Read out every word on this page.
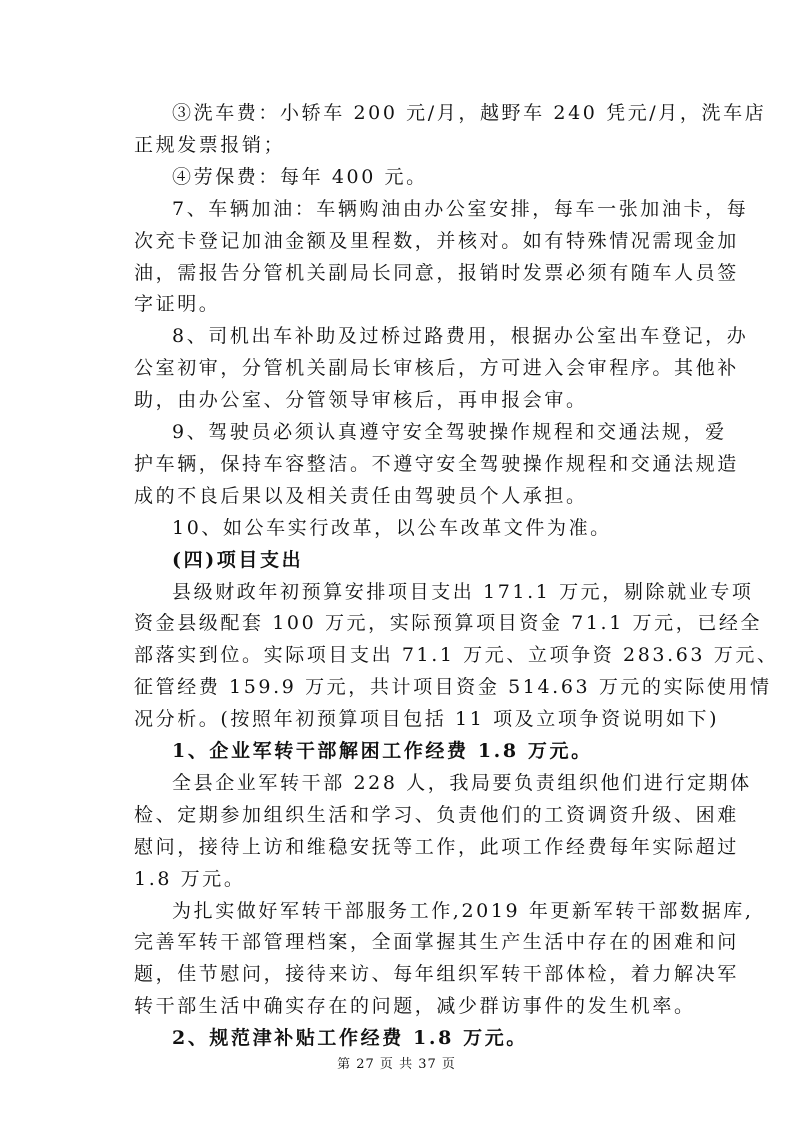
③洗车费：小轿车 200 元/月，越野车 240 凭元/月，洗车店
正规发票报销；
④劳保费：每年 400 元。
7、车辆加油：车辆购油由办公室安排，每车一张加油卡，每
次充卡登记加油金额及里程数，并核对。如有特殊情况需现金加
油，需报告分管机关副局长同意，报销时发票必须有随车人员签
字证明。
8、司机出车补助及过桥过路费用，根据办公室出车登记，办
公室初审，分管机关副局长审核后，方可进入会审程序。其他补
助，由办公室、分管领导审核后，再申报会审。
9、驾驶员必须认真遵守安全驾驶操作规程和交通法规，爱
护车辆，保持车容整洁。不遵守安全驾驶操作规程和交通法规造
成的不良后果以及相关责任由驾驶员个人承担。
10、如公车实行改革，以公车改革文件为准。
(四)项目支出
县级财政年初预算安排项目支出 171.1 万元，剔除就业专项
资金县级配套 100 万元，实际预算项目资金 71.1 万元，已经全
部落实到位。实际项目支出 71.1 万元、立项争资 283.63 万元、
征管经费 159.9 万元，共计项目资金 514.63 万元的实际使用情
况分析。(按照年初预算项目包括 11 项及立项争资说明如下)
1、企业军转干部解困工作经费 1.8 万元。
全县企业军转干部 228 人，我局要负责组织他们进行定期体
检、定期参加组织生活和学习、负责他们的工资调资升级、困难
慰问，接待上访和维稳安抚等工作，此项工作经费每年实际超过
1.8 万元。
为扎实做好军转干部服务工作,2019 年更新军转干部数据库,
完善军转干部管理档案，全面掌握其生产生活中存在的困难和问
题，佳节慰问，接待来访、每年组织军转干部体检，着力解决军
转干部生活中确实存在的问题，减少群访事件的发生机率。
2、规范津补贴工作经费 1.8 万元。
第 27 页 共 37 页
